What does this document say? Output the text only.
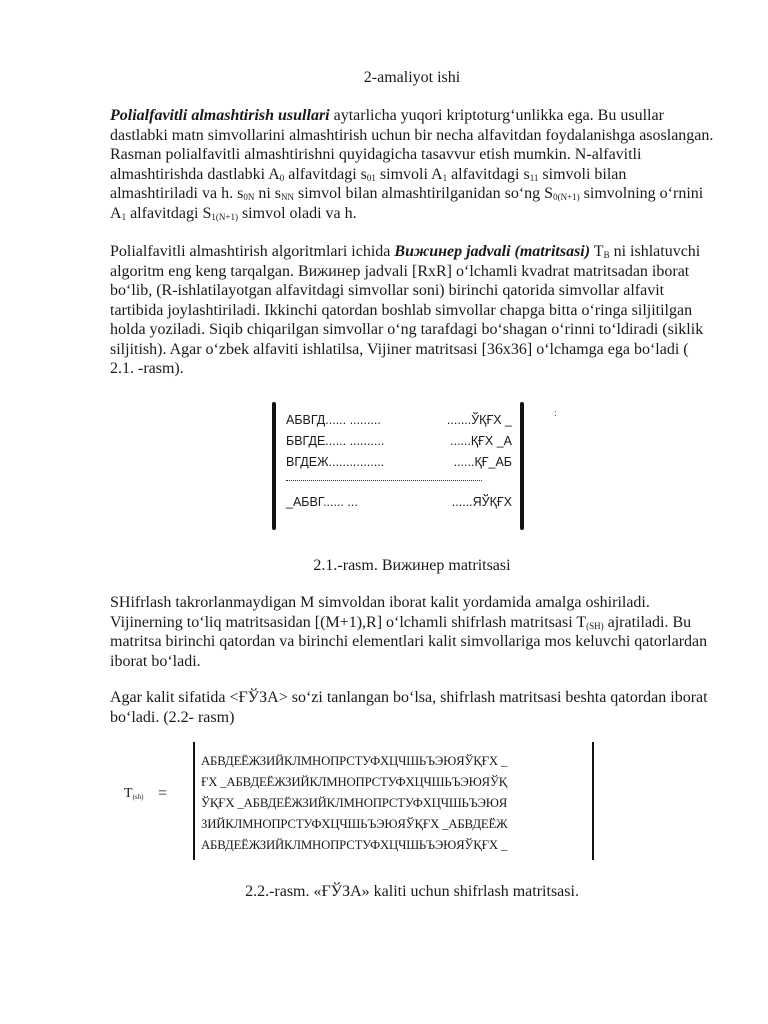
2-amaliyot ishi
Polialfavitli almashtirish usullari aytarlicha yuqori kriptoturg‘unlikka ega. Bu usullar dastlabki matn simvollarini almashtirish uchun bir necha alfavitdan foydalanishga asoslangan. Rasman polialfavitli almashtirishni quyidagicha tasavvur etish mumkin. N-alfavitli almashtirishda dastlabki $A_0$ alfavitdagi $s_{01}$ simvoli $A_1$ alfavitdagi $s_{11}$ simvoli bilan almashtiriladi va h. $s_{0N}$ ni $s_{NN}$ simvol bilan almashtirilganidan so‘ng $S_{0(N+1)}$ simvolning o‘rnini $A_1$ alfavitdagi $S_{1(N+1)}$ simvol oladi va h.
Polialfavitli almashtirish algoritmlari ichida Вижинер jadvali (matritsasi) $T_B$ ni ishlatuvchi algoritm eng keng tarqalgan. Вижинер jadvali [RxR] o‘lchamli kvadrat matritsadan iborat bo‘lib, (R-ishlatilayotgan alfavitdagi simvollar soni) birinchi qatorida simvollar alfavit tartibida joylashtiriladi. Ikkinchi qatordan boshlab simvollar chapga bitta o‘ringa siljitilgan holda yoziladi. Siqib chiqarilgan simvollar o‘ng tarafdagi bo‘shagan o‘rinni to‘ldiradi (siklik siljitish). Agar o‘zbek alfaviti ishlatilsa, Vijiner matritsasi [36x36] o‘lchamga ega bo‘ladi ( 2.1. -rasm).
2.1.-rasm. Вижинер matritsasi
SHifrlash takrorlanmaydigan M simvoldan iborat kalit yordamida amalga oshiriladi. Vijinerning to‘liq matritsasidan [(M+1),R] o‘lchamli shifrlash matritsasi $T_{(SH)}$ ajratiladi. Bu matritsa birinchi qatordan va birinchi elementlari kalit simvollariga mos keluvchi qatorlardan iborat bo‘ladi.
Agar kalit sifatida <ҒЎЗА> so‘zi tanlangan bo‘lsa, shifrlash matritsasi beshta qatordan iborat bo‘ladi. (2.2- rasm)
2.2.-rasm. «ҒЎЗА» kaliti uchun shifrlash matritsasi.
АБВГД...... .........	.......ЎҚҒХ _
БВГДЕ...... ..........	......ҚҒХ _А
ВГДЕЖ................	......ҚҒ_АБ
_АБВГ...... ...	......ЯЎҚҒХ
:
$T_{(sh)}$ =
АБВДЕЁЖЗИЙКЛМНОПРСТУФХЦЧШЬЪЭЮЯЎҚҒХ _
ҒХ _АБВДЕЁЖЗИЙКЛМНОПРСТУФХЦЧШЬЪЭЮЯЎҚ
ЎҚҒХ _АБВДЕЁЖЗИЙКЛМНОПРСТУФХЦЧШЬЪЭЮЯ
ЗИЙКЛМНОПРСТУФХЦЧШЬЪЭЮЯЎҚҒХ _АБВДЕЁЖ
АБВДЕЁЖЗИЙКЛМНОПРСТУФХЦЧШЬЪЭЮЯЎҚҒХ _
